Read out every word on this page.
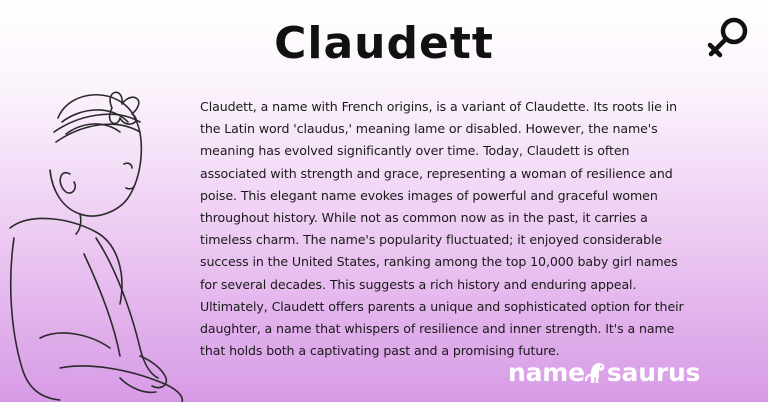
Claudett

Claudett, a name with French origins, is a variant of Claudette. Its roots lie in the Latin word 'claudus,' meaning lame or disabled. However, the name's meaning has evolved significantly over time. Today, Claudett is often associated with strength and grace, representing a woman of resilience and poise. This elegant name evokes images of powerful and graceful women throughout history. While not as common now as in the past, it carries a timeless charm. The name's popularity fluctuated; it enjoyed considerable success in the United States, ranking among the top 10,000 baby girl names for several decades. This suggests a rich history and enduring appeal. Ultimately, Claudett offers parents a unique and sophisticated option for their daughter, a name that whispers of resilience and inner strength. It's a name that holds both a captivating past and a promising future.

name saurus
